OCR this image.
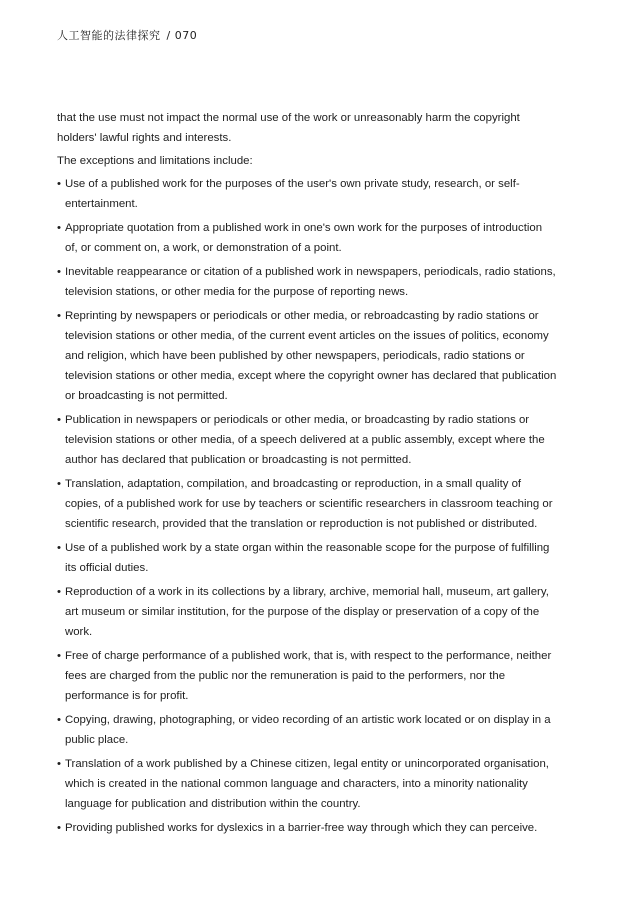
人工智能的法律探究 / 070

that the use must not impact the normal use of the work or unreasonably harm the copyright holders' lawful rights and interests.

The exceptions and limitations include:

• Use of a published work for the purposes of the user's own private study, research, or self-entertainment.
• Appropriate quotation from a published work in one's own work for the purposes of introduction of, or comment on, a work, or demonstration of a point.
• Inevitable reappearance or citation of a published work in newspapers, periodicals, radio stations, television stations, or other media for the purpose of reporting news.
• Reprinting by newspapers or periodicals or other media, or rebroadcasting by radio stations or television stations or other media, of the current event articles on the issues of politics, economy and religion, which have been published by other newspapers, periodicals, radio stations or television stations or other media, except where the copyright owner has declared that publication or broadcasting is not permitted.
• Publication in newspapers or periodicals or other media, or broadcasting by radio stations or television stations or other media, of a speech delivered at a public assembly, except where the author has declared that publication or broadcasting is not permitted.
• Translation, adaptation, compilation, and broadcasting or reproduction, in a small quality of copies, of a published work for use by teachers or scientific researchers in classroom teaching or scientific research, provided that the translation or reproduction is not published or distributed.
• Use of a published work by a state organ within the reasonable scope for the purpose of fulfilling its official duties.
• Reproduction of a work in its collections by a library, archive, memorial hall, museum, art gallery, art museum or similar institution, for the purpose of the display or preservation of a copy of the work.
• Free of charge performance of a published work, that is, with respect to the performance, neither fees are charged from the public nor the remuneration is paid to the performers, nor the performance is for profit.
• Copying, drawing, photographing, or video recording of an artistic work located or on display in a public place.
• Translation of a work published by a Chinese citizen, legal entity or unincorporated organisation, which is created in the national common language and characters, into a minority nationality language for publication and distribution within the country.
• Providing published works for dyslexics in a barrier-free way through which they can perceive.
